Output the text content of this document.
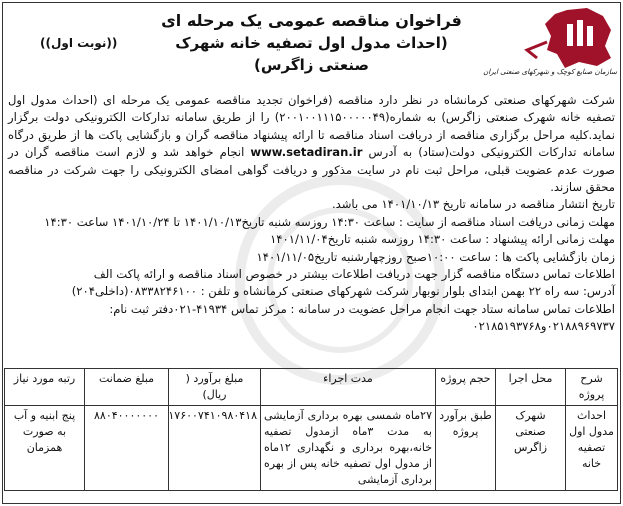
سازمان صنایع کوچک و شهرکهای صنعتی ایران
فراخوان مناقصه عمومی یک مرحله ای
(احداث مدول اول تصفیه خانه شهرک صنعتی زاگرس)
((نوبت اول))

شرکت شهرکهای صنعتی کرمانشاه در نظر دارد مناقصه (فراخوان تجدید مناقصه عمومی یک مرحله ای (احداث مدول اول تصفیه خانه شهرک صنعتی زاگرس) به شماره(۲۰۰۱۰۰۱۱۱۵۰۰۰۰۰۴۹) را از طریق سامانه تدارکات الکترونیکی دولت برگزار نماید.کلیه مراحل برگزاری مناقصه از دریافت اسناد مناقصه تا ارائه پیشنهاد مناقصه گران و بازگشایی پاکت ها از طریق درگاه سامانه تدارکات الکترونیکی دولت(ستاد) به آدرس www.setadiran.ir انجام خواهد شد و لازم است مناقصه گران در صورت عدم عضویت قبلی، مراحل ثبت نام در سایت مذکور و دریافت گواهی امضای الکترونیکی را جهت شرکت در مناقصه محقق سازند.

تاریخ انتشار مناقصه در سامانه تاریخ ۱۴۰۱/۱۰/۱۳ می باشد.

مهلت زمانی دریافت اسناد مناقصه از سایت : ساعت ۱۴:۳۰ روزسه شنبه تاریخ۱۴۰۱/۱۰/۱۳ تا ۱۴۰۱/۱۰/۲۴ ساعت ۱۴:۳۰

مهلت زمانی ارائه پیشنهاد : ساعت ۱۴:۳۰ روزسه شنبه تاریخ۱۴۰۱/۱۱/۰۴

زمان بازگشایی پاکت ها : ساعت ۱۰:۰۰صبح روزچهارشنبه تاریخ۱۴۰۱/۱۱/۰۵

اطلاعات تماس دستگاه مناقصه گزار جهت دریافت اطلاعات بیشتر در خصوص اسناد مناقصه و ارائه پاکت الف

آدرس: سه راه ۲۲ بهمن ابتدای بلوار نوبهار شرکت شهرکهای صنعتی کرمانشاه و تلفن : ۰۸۳۳۸۲۴۶۱۰۰(داخلی۲۰۴)

اطلاعات تماس سامانه ستاد جهت انجام مراحل عضویت در سامانه : مرکز تماس ۴۱۹۳۴-۰۲۱دفتر ثبت نام:

۰۲۱۸۸۹۶۹۷۳۷و۰۲۱۸۵۱۹۳۷۶۸

شرح پروژه	محل اجرا	حجم پروژه	مدت اجراء	مبلغ برآورد ( ریال)	مبلغ ضمانت	رتبه مورد نیاز
احداث مدول اول تصفیه خانه	شهرک صنعتی زاگرس	طبق برآورد پروژه	۲۷ماه شمسی بهره برداری آزمایشی به مدت ۳ماه ازمدول تصفیه خانه،بهره برداری و نگهداری ۱۲ماه از مدول اول تصفیه خانه پس از بهره برداری آزمایشی	۱۷۶۰۰۷۴۱۰۹۸۰۴۱۸	۸۸۰۴۰۰۰۰۰۰۰	پنج ابنیه و آب به صورت همزمان
